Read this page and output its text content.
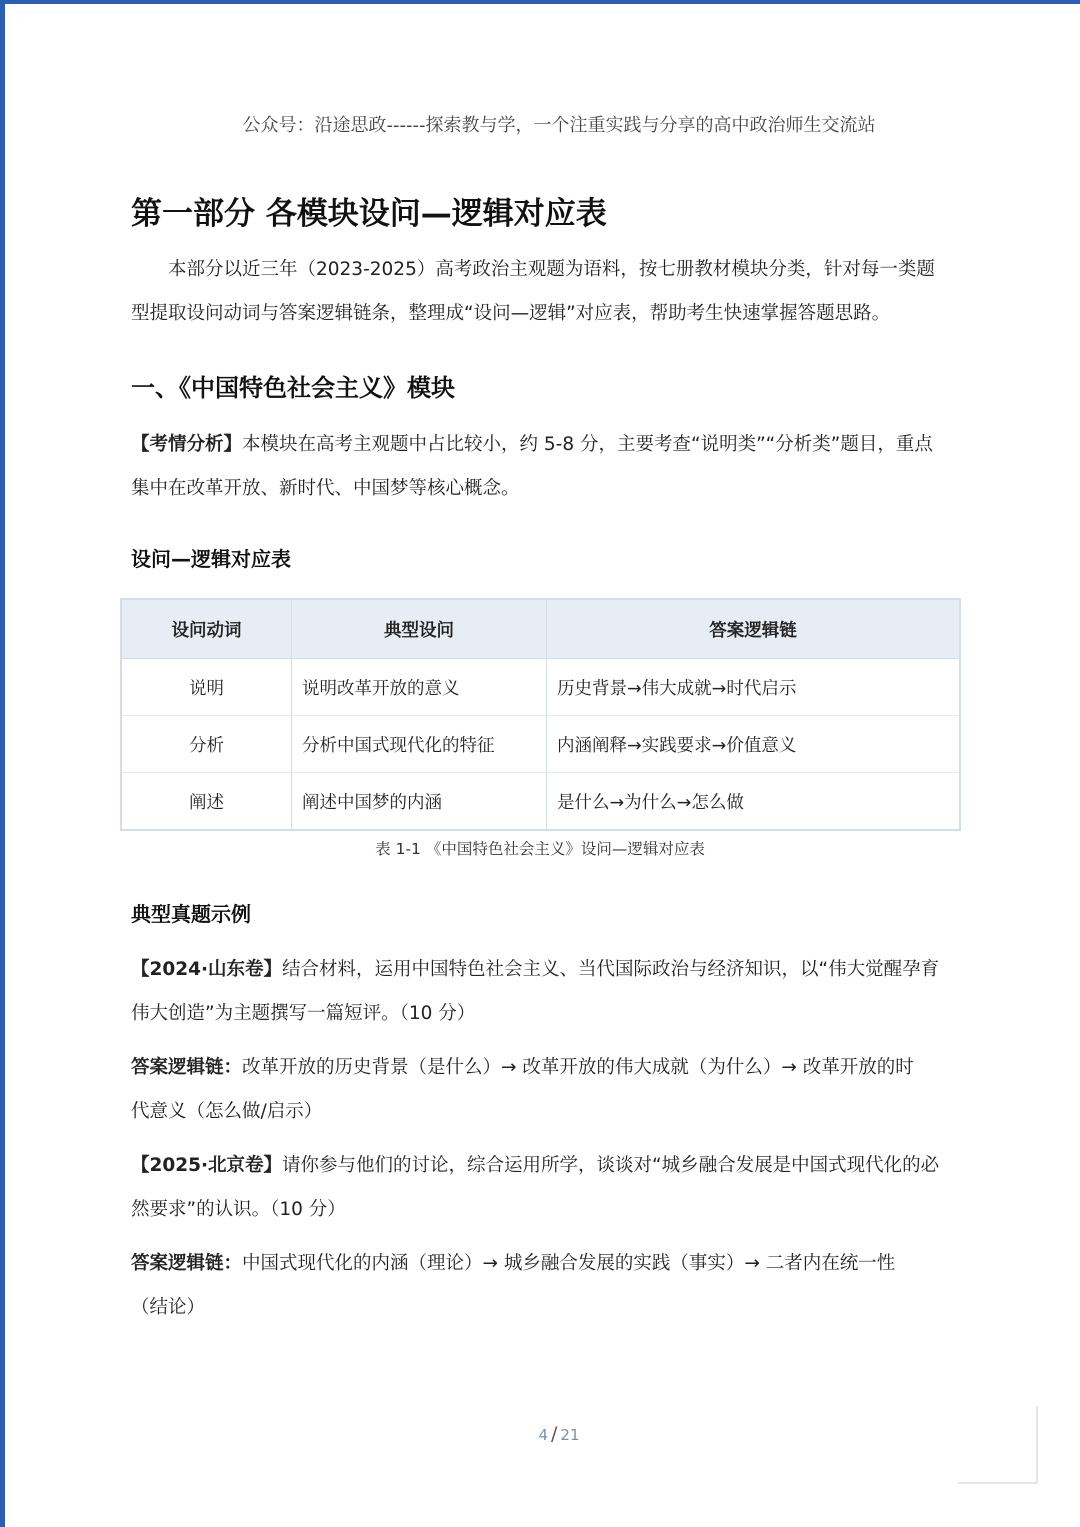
公众号：沿途思政------探索教与学，一个注重实践与分享的高中政治师生交流站
第一部分 各模块设问—逻辑对应表
本部分以近三年（2023-2025）高考政治主观题为语料，按七册教材模块分类，针对每一类题
型提取设问动词与答案逻辑链条，整理成“设问—逻辑”对应表，帮助考生快速掌握答题思路。
一、《中国特色社会主义》模块
【考情分析】本模块在高考主观题中占比较小，约 5-8 分，主要考查“说明类”“分析类”题目，重点
集中在改革开放、新时代、中国梦等核心概念。
设问—逻辑对应表
设问动词	典型设问	答案逻辑链
说明	说明改革开放的意义	历史背景→伟大成就→时代启示
分析	分析中国式现代化的特征	内涵阐释→实践要求→价值意义
阐述	阐述中国梦的内涵	是什么→为什么→怎么做
表 1-1 《中国特色社会主义》设问—逻辑对应表
典型真题示例
【2024·山东卷】结合材料，运用中国特色社会主义、当代国际政治与经济知识，以“伟大觉醒孕育
伟大创造”为主题撰写一篇短评。（10 分）
答案逻辑链：改革开放的历史背景（是什么）→ 改革开放的伟大成就（为什么）→ 改革开放的时
代意义（怎么做/启示）
【2025·北京卷】请你参与他们的讨论，综合运用所学，谈谈对“城乡融合发展是中国式现代化的必
然要求”的认识。（10 分）
答案逻辑链：中国式现代化的内涵（理论）→ 城乡融合发展的实践（事实）→ 二者内在统一性
（结论）
4 / 21
